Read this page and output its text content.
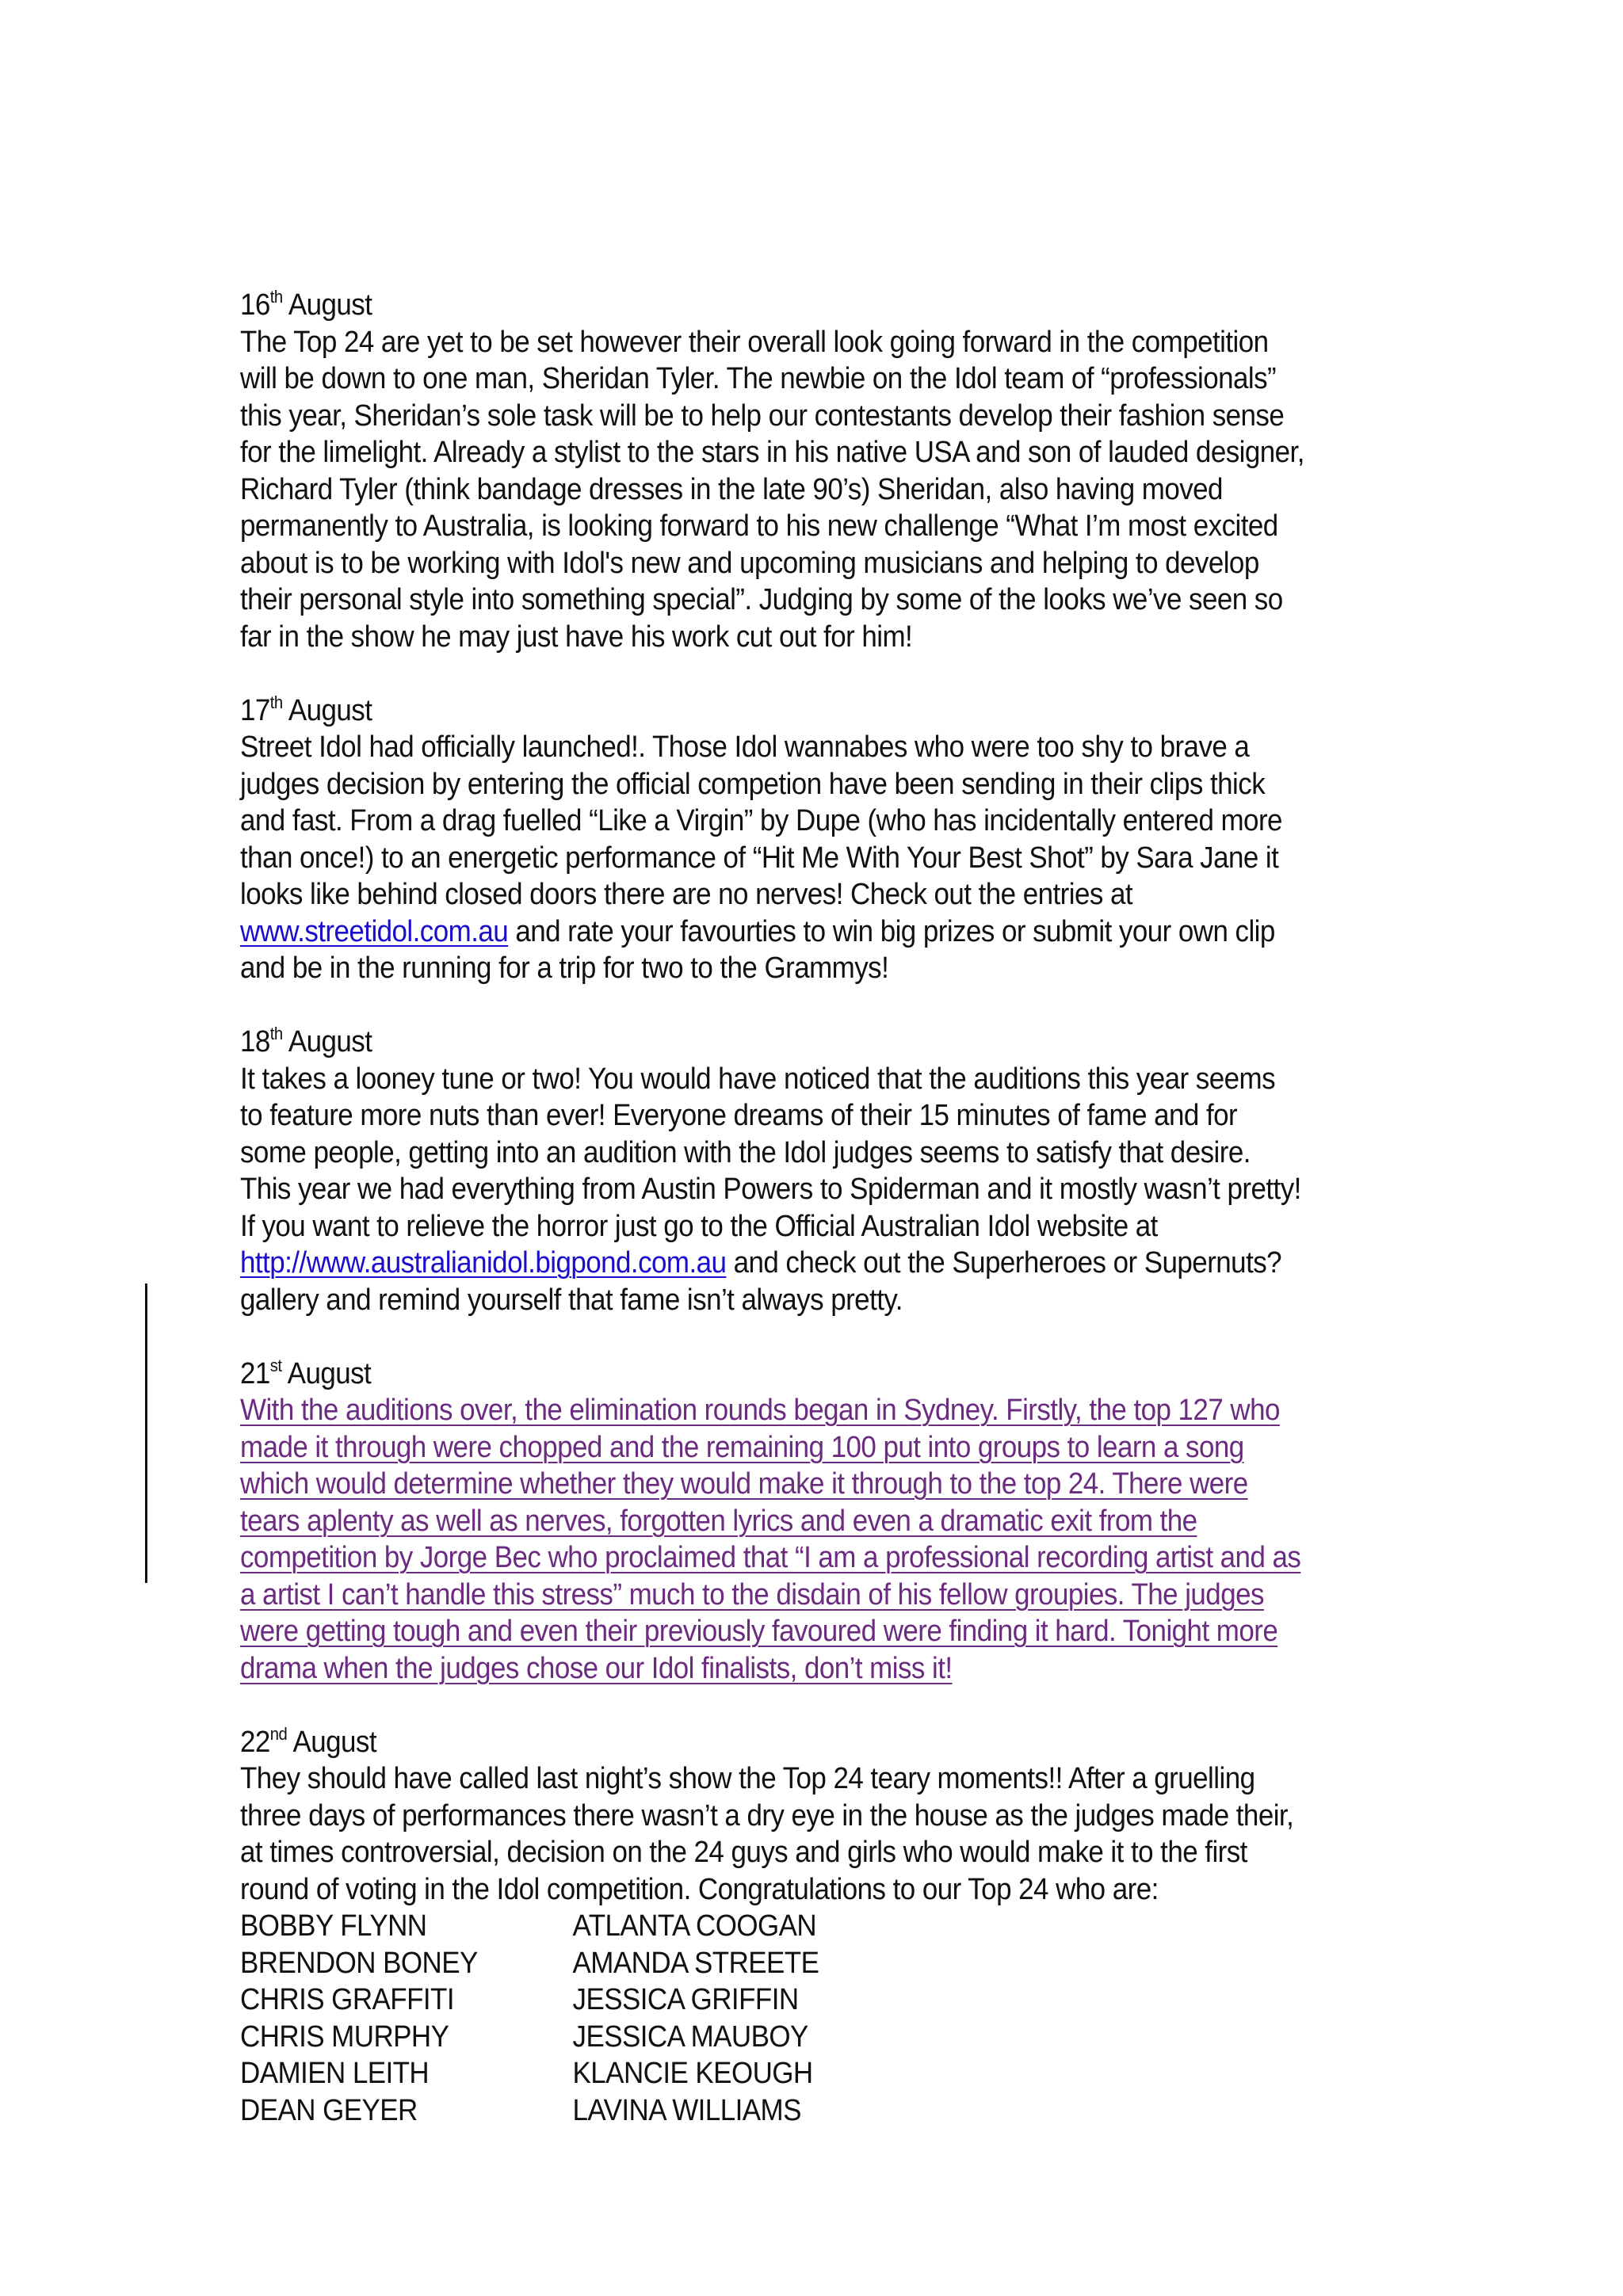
16th August

The Top 24 are yet to be set however their overall look going forward in the competition will be down to one man, Sheridan Tyler. The newbie on the Idol team of “professionals” this year, Sheridan’s sole task will be to help our contestants develop their fashion sense for the limelight. Already a stylist to the stars in his native USA and son of lauded designer, Richard Tyler (think bandage dresses in the late 90’s) Sheridan, also having moved permanently to Australia, is looking forward to his new challenge “What I’m most excited about is to be working with Idol's new and upcoming musicians and helping to develop their personal style into something special”. Judging by some of the looks we’ve seen so far in the show he may just have his work cut out for him!

17th August

Street Idol had officially launched!. Those Idol wannabes who were too shy to brave a judges decision by entering the official competion have been sending in their clips thick and fast. From a drag fuelled “Like a Virgin” by Dupe (who has incidentally entered more than once!) to an energetic performance of “Hit Me With Your Best Shot” by Sara Jane it looks like behind closed doors there are no nerves! Check out the entries at www.streetidol.com.au and rate your favourties to win big prizes or submit your own clip and be in the running for a trip for two to the Grammys!

18th August

It takes a looney tune or two! You would have noticed that the auditions this year seems to feature more nuts than ever! Everyone dreams of their 15 minutes of fame and for some people, getting into an audition with the Idol judges seems to satisfy that desire. This year we had everything from Austin Powers to Spiderman and it mostly wasn’t pretty! If you want to relieve the horror just go to the Official Australian Idol website at http://www.australianidol.bigpond.com.au and check out the Superheroes or Supernuts? gallery and remind yourself that fame isn’t always pretty.

21st August

With the auditions over, the elimination rounds began in Sydney. Firstly, the top 127 who made it through were chopped and the remaining 100 put into groups to learn a song which would determine whether they would make it through to the top 24. There were tears aplenty as well as nerves, forgotten lyrics and even a dramatic exit from the competition by Jorge Bec who proclaimed that “I am a professional recording artist and as a artist I can’t handle this stress” much to the disdain of his fellow groupies. The judges were getting tough and even their previously favoured were finding it hard. Tonight more drama when the judges chose our Idol finalists, don’t miss it!

22nd August

They should have called last night’s show the Top 24 teary moments!! After a gruelling three days of performances there wasn’t a dry eye in the house as the judges made their, at times controversial, decision on the 24 guys and girls who would make it to the first round of voting in the Idol competition. Congratulations to our Top 24 who are:

BOBBY FLYNN	ATLANTA COOGAN
BRENDON BONEY	AMANDA STREETE
CHRIS GRAFFITI	JESSICA GRIFFIN
CHRIS MURPHY	JESSICA MAUBOY
DAMIEN LEITH	KLANCIE KEOUGH
DEAN GEYER	LAVINA WILLIAMS
